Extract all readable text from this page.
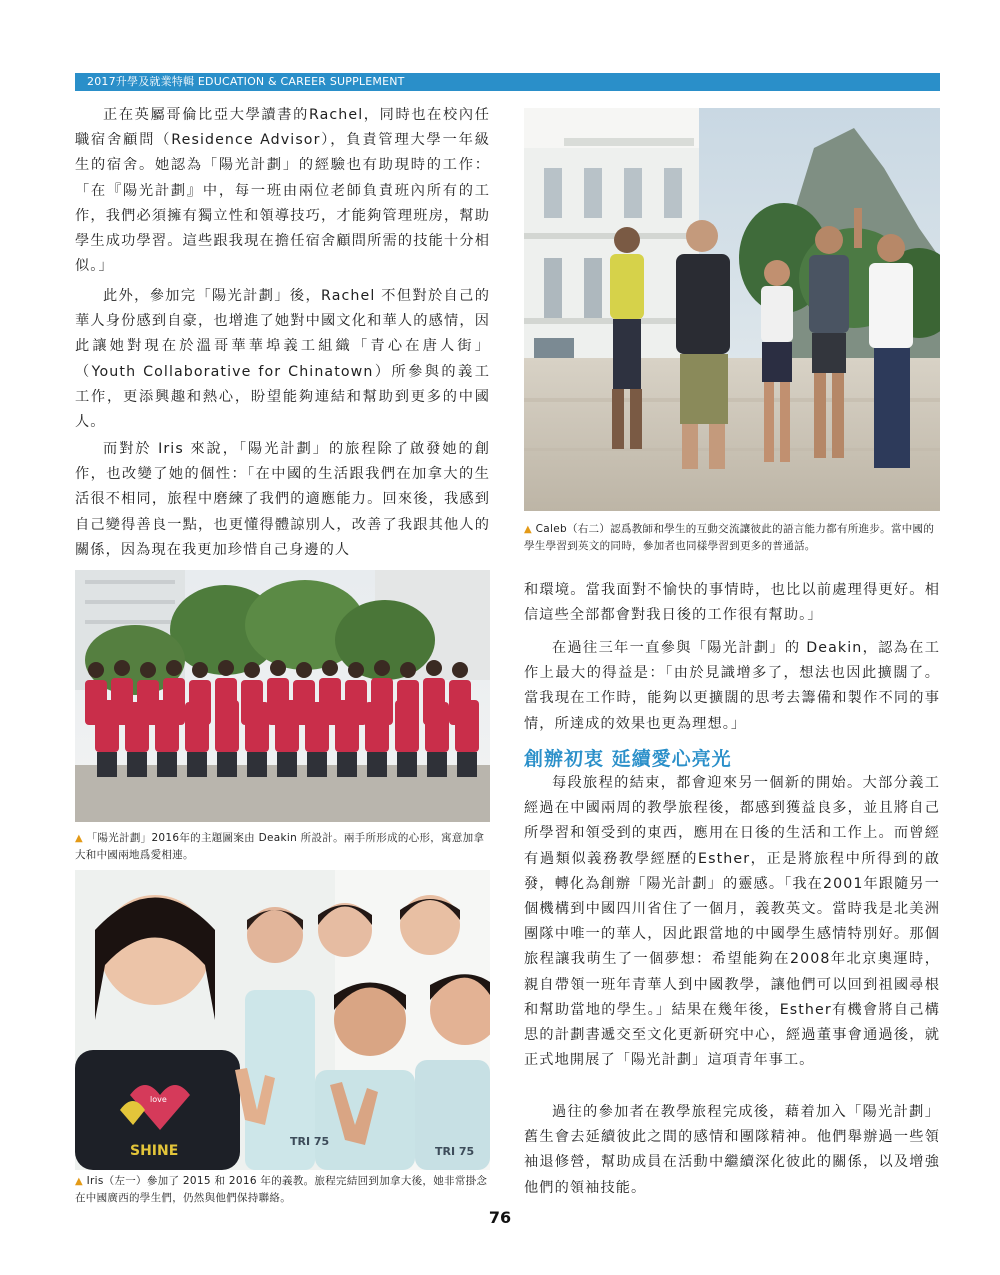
2017升學及就業特輯 EDUCATION & CAREER SUPPLEMENT

正在英屬哥倫比亞大學讀書的Rachel，同時也在校內任職宿舍顧問（Residence Advisor），負責管理大學一年級生的宿舍。她認為「陽光計劃」的經驗也有助現時的工作：「在『陽光計劃』中，每一班由兩位老師負責班內所有的工作，我們必須擁有獨立性和領導技巧，才能夠管理班房，幫助學生成功學習。這些跟我現在擔任宿舍顧問所需的技能十分相似。」

此外，參加完「陽光計劃」後，Rachel 不但對於自己的華人身份感到自豪，也增進了她對中國文化和華人的感情，因此讓她對現在於溫哥華華埠義工組織「青心在唐人街」（Youth Collaborative for Chinatown）所參與的義工工作，更添興趣和熱心，盼望能夠連結和幫助到更多的中國人。

而對於 Iris 來說，「陽光計劃」的旅程除了啟發她的創作，也改變了她的個性：「在中國的生活跟我們在加拿大的生活很不相同，旅程中磨練了我們的適應能力。回來後，我感到自己變得善良一點，也更懂得體諒別人，改善了我跟其他人的關係，因為現在我更加珍惜自己身邊的人

▲ Caleb（右二）認爲教師和學生的互動交流讓彼此的語言能力都有所進步。當中國的學生學習到英文的同時，參加者也同樣學習到更多的普通話。
▲ 「陽光計劃」2016年的主題圖案由 Deakin 所設計。兩手所形成的心形，寓意加拿大和中國兩地爲愛相連。
SHINE
love
TRI 75
TRI 75
▲ Iris（左一）參加了 2015 和 2016 年的義教。旅程完結回到加拿大後，她非常掛念在中國廣西的學生們，仍然與他們保持聯絡。

和環境。當我面對不愉快的事情時，也比以前處理得更好。相信這些全部都會對我日後的工作很有幫助。」

在過往三年一直參與「陽光計劃」的 Deakin，認為在工作上最大的得益是：「由於見識增多了，想法也因此擴闊了。當我現在工作時，能夠以更擴闊的思考去籌備和製作不同的事情，所達成的效果也更為理想。」

創辦初衷 延續愛心亮光

每段旅程的結束，都會迎來另一個新的開始。大部分義工經過在中國兩周的教學旅程後，都感到獲益良多，並且將自己所學習和領受到的東西，應用在日後的生活和工作上。而曾經有過類似義務教學經歷的Esther，正是將旅程中所得到的啟發，轉化為創辦「陽光計劃」的靈感。「我在2001年跟隨另一個機構到中國四川省住了一個月，義教英文。當時我是北美洲團隊中唯一的華人，因此跟當地的中國學生感情特別好。那個旅程讓我萌生了一個夢想：希望能夠在2008年北京奧運時，親自帶領一班年青華人到中國教學，讓他們可以回到祖國尋根和幫助當地的學生。」結果在幾年後，Esther有機會將自己構思的計劃書遞交至文化更新研究中心，經過董事會通過後，就正式地開展了「陽光計劃」這項青年事工。

過往的參加者在教學旅程完成後，藉着加入「陽光計劃」舊生會去延續彼此之間的感情和團隊精神。他們舉辦過一些領袖退修營，幫助成員在活動中繼續深化彼此的關係，以及增強他們的領袖技能。

76
